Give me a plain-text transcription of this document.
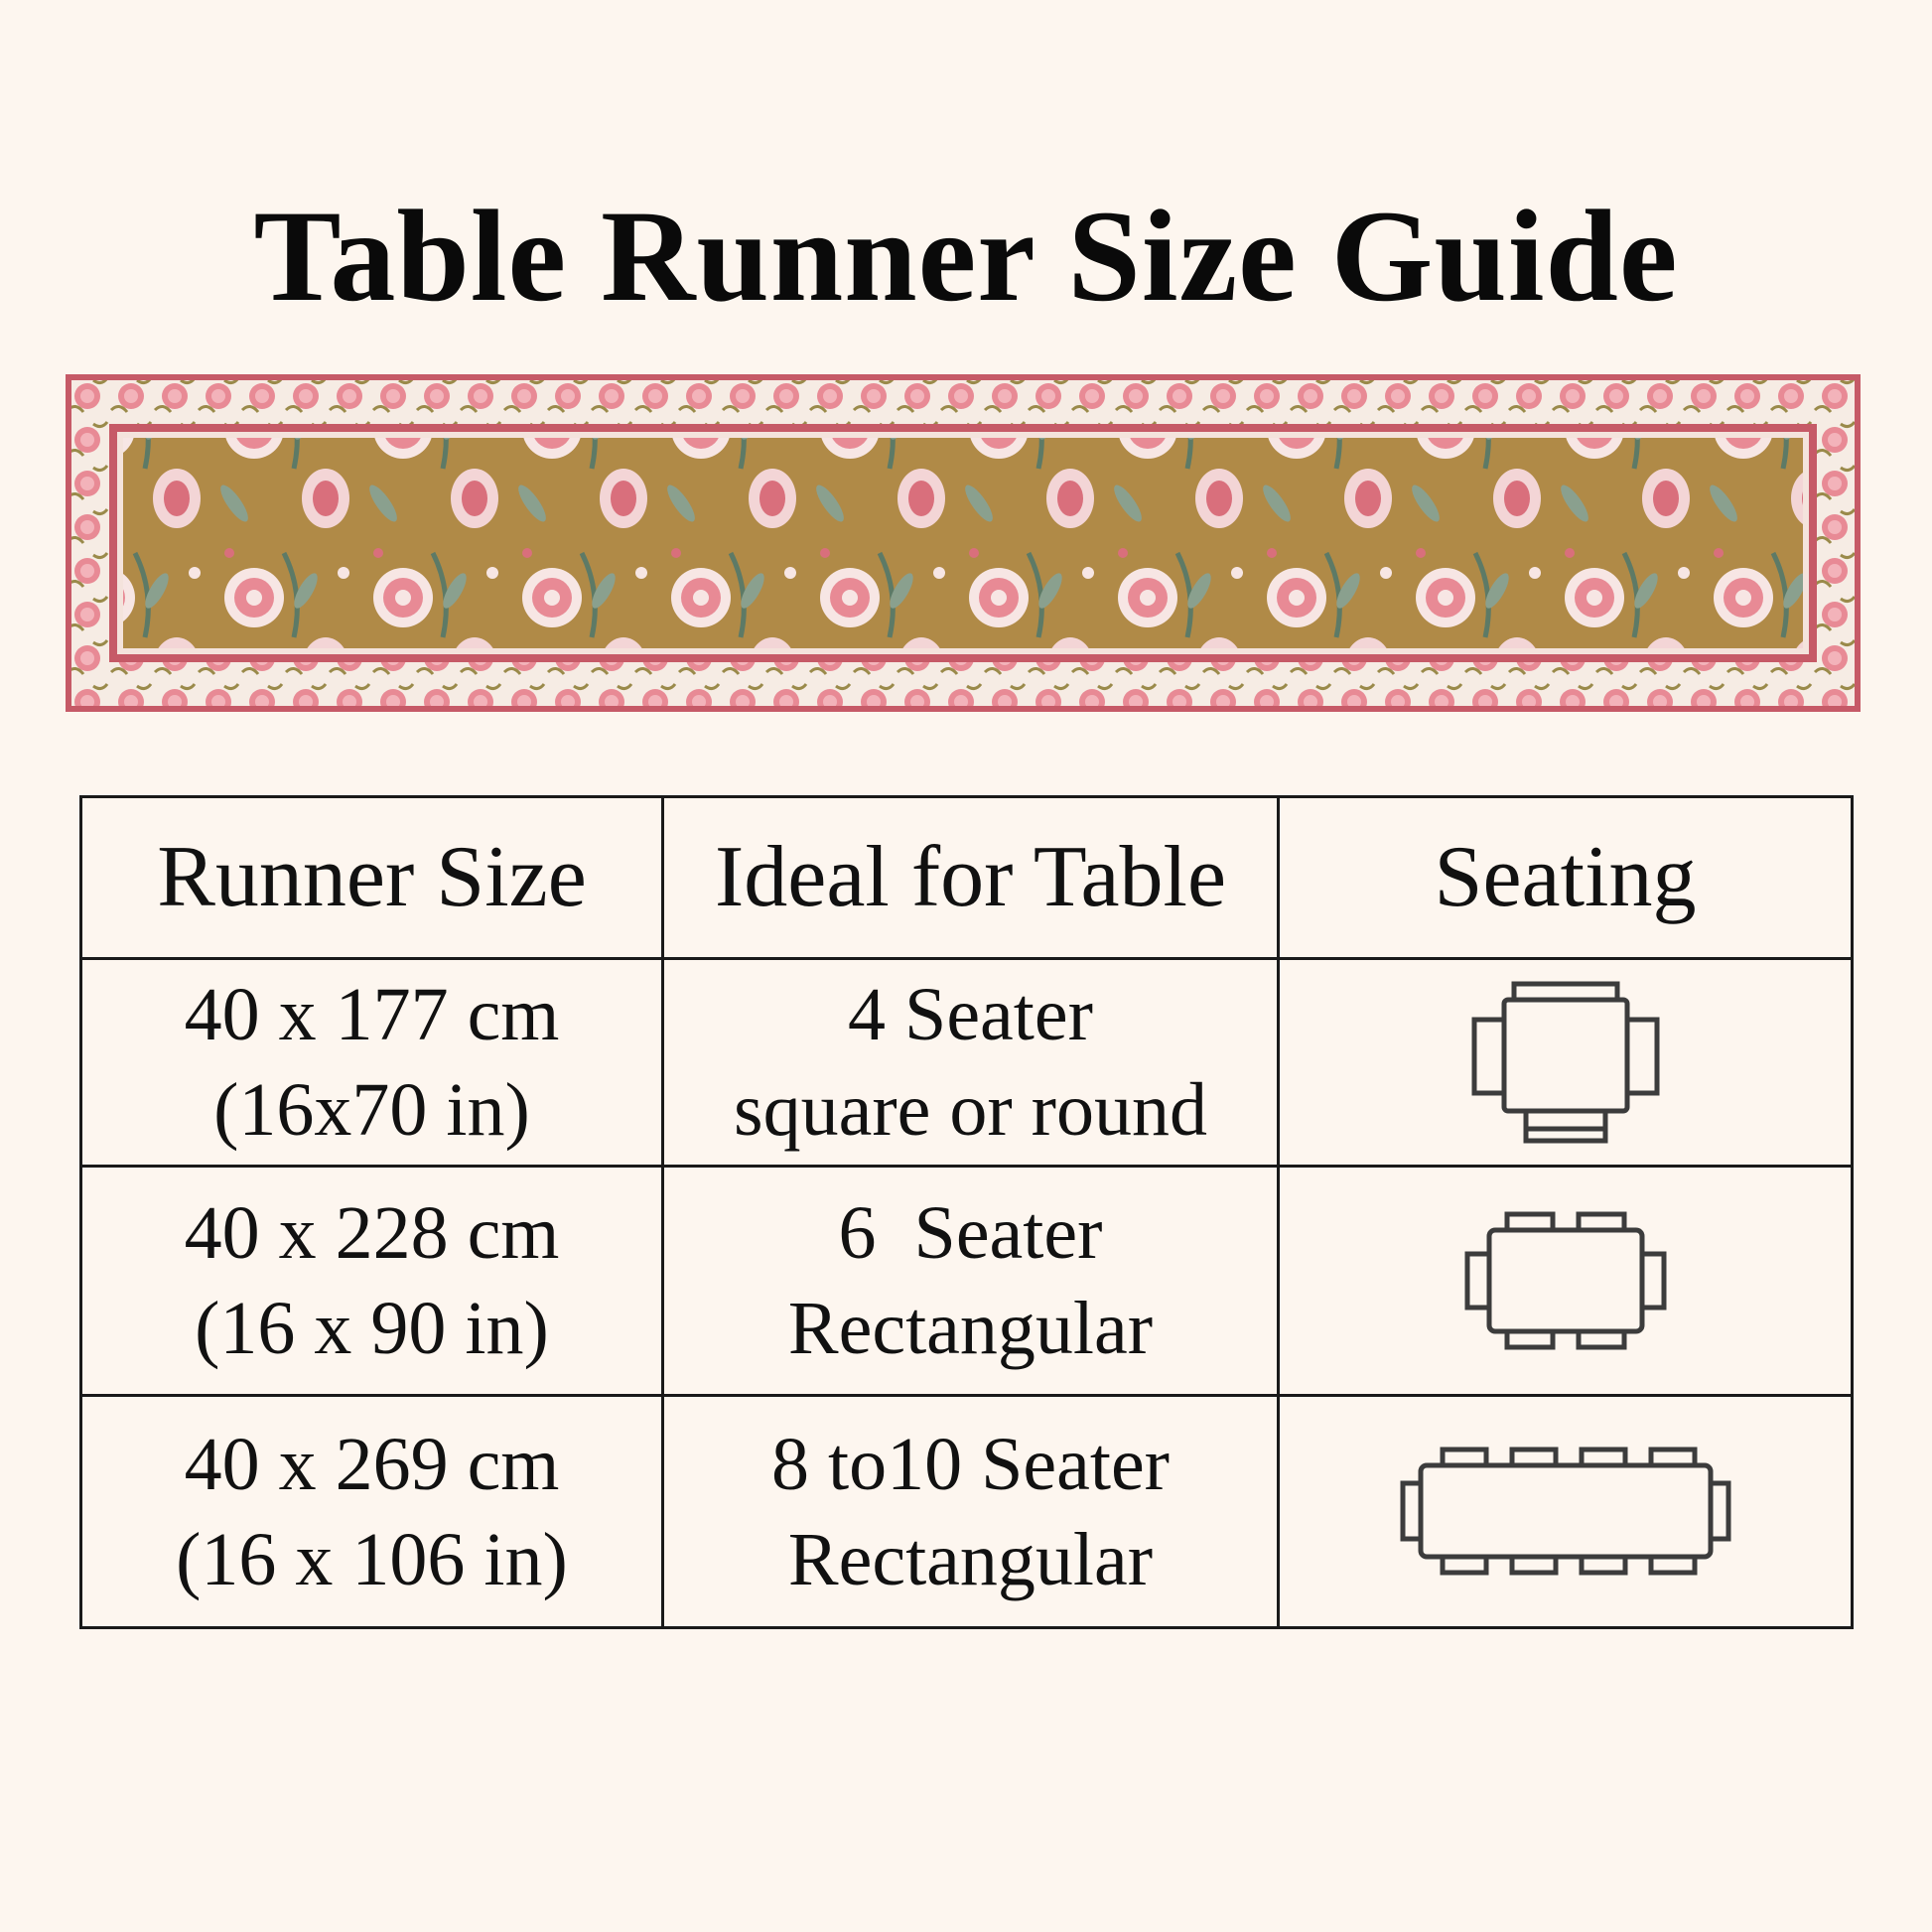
Table Runner Size Guide
Runner Size	Ideal for Table	Seating

40 x 177 cm
(16x70 in)	4 Seater
square or round

40 x 228 cm
(16 x 90 in)	6  Seater
Rectangular

40 x 269 cm
(16 x 106 in)	8 to10 Seater
Rectangular
